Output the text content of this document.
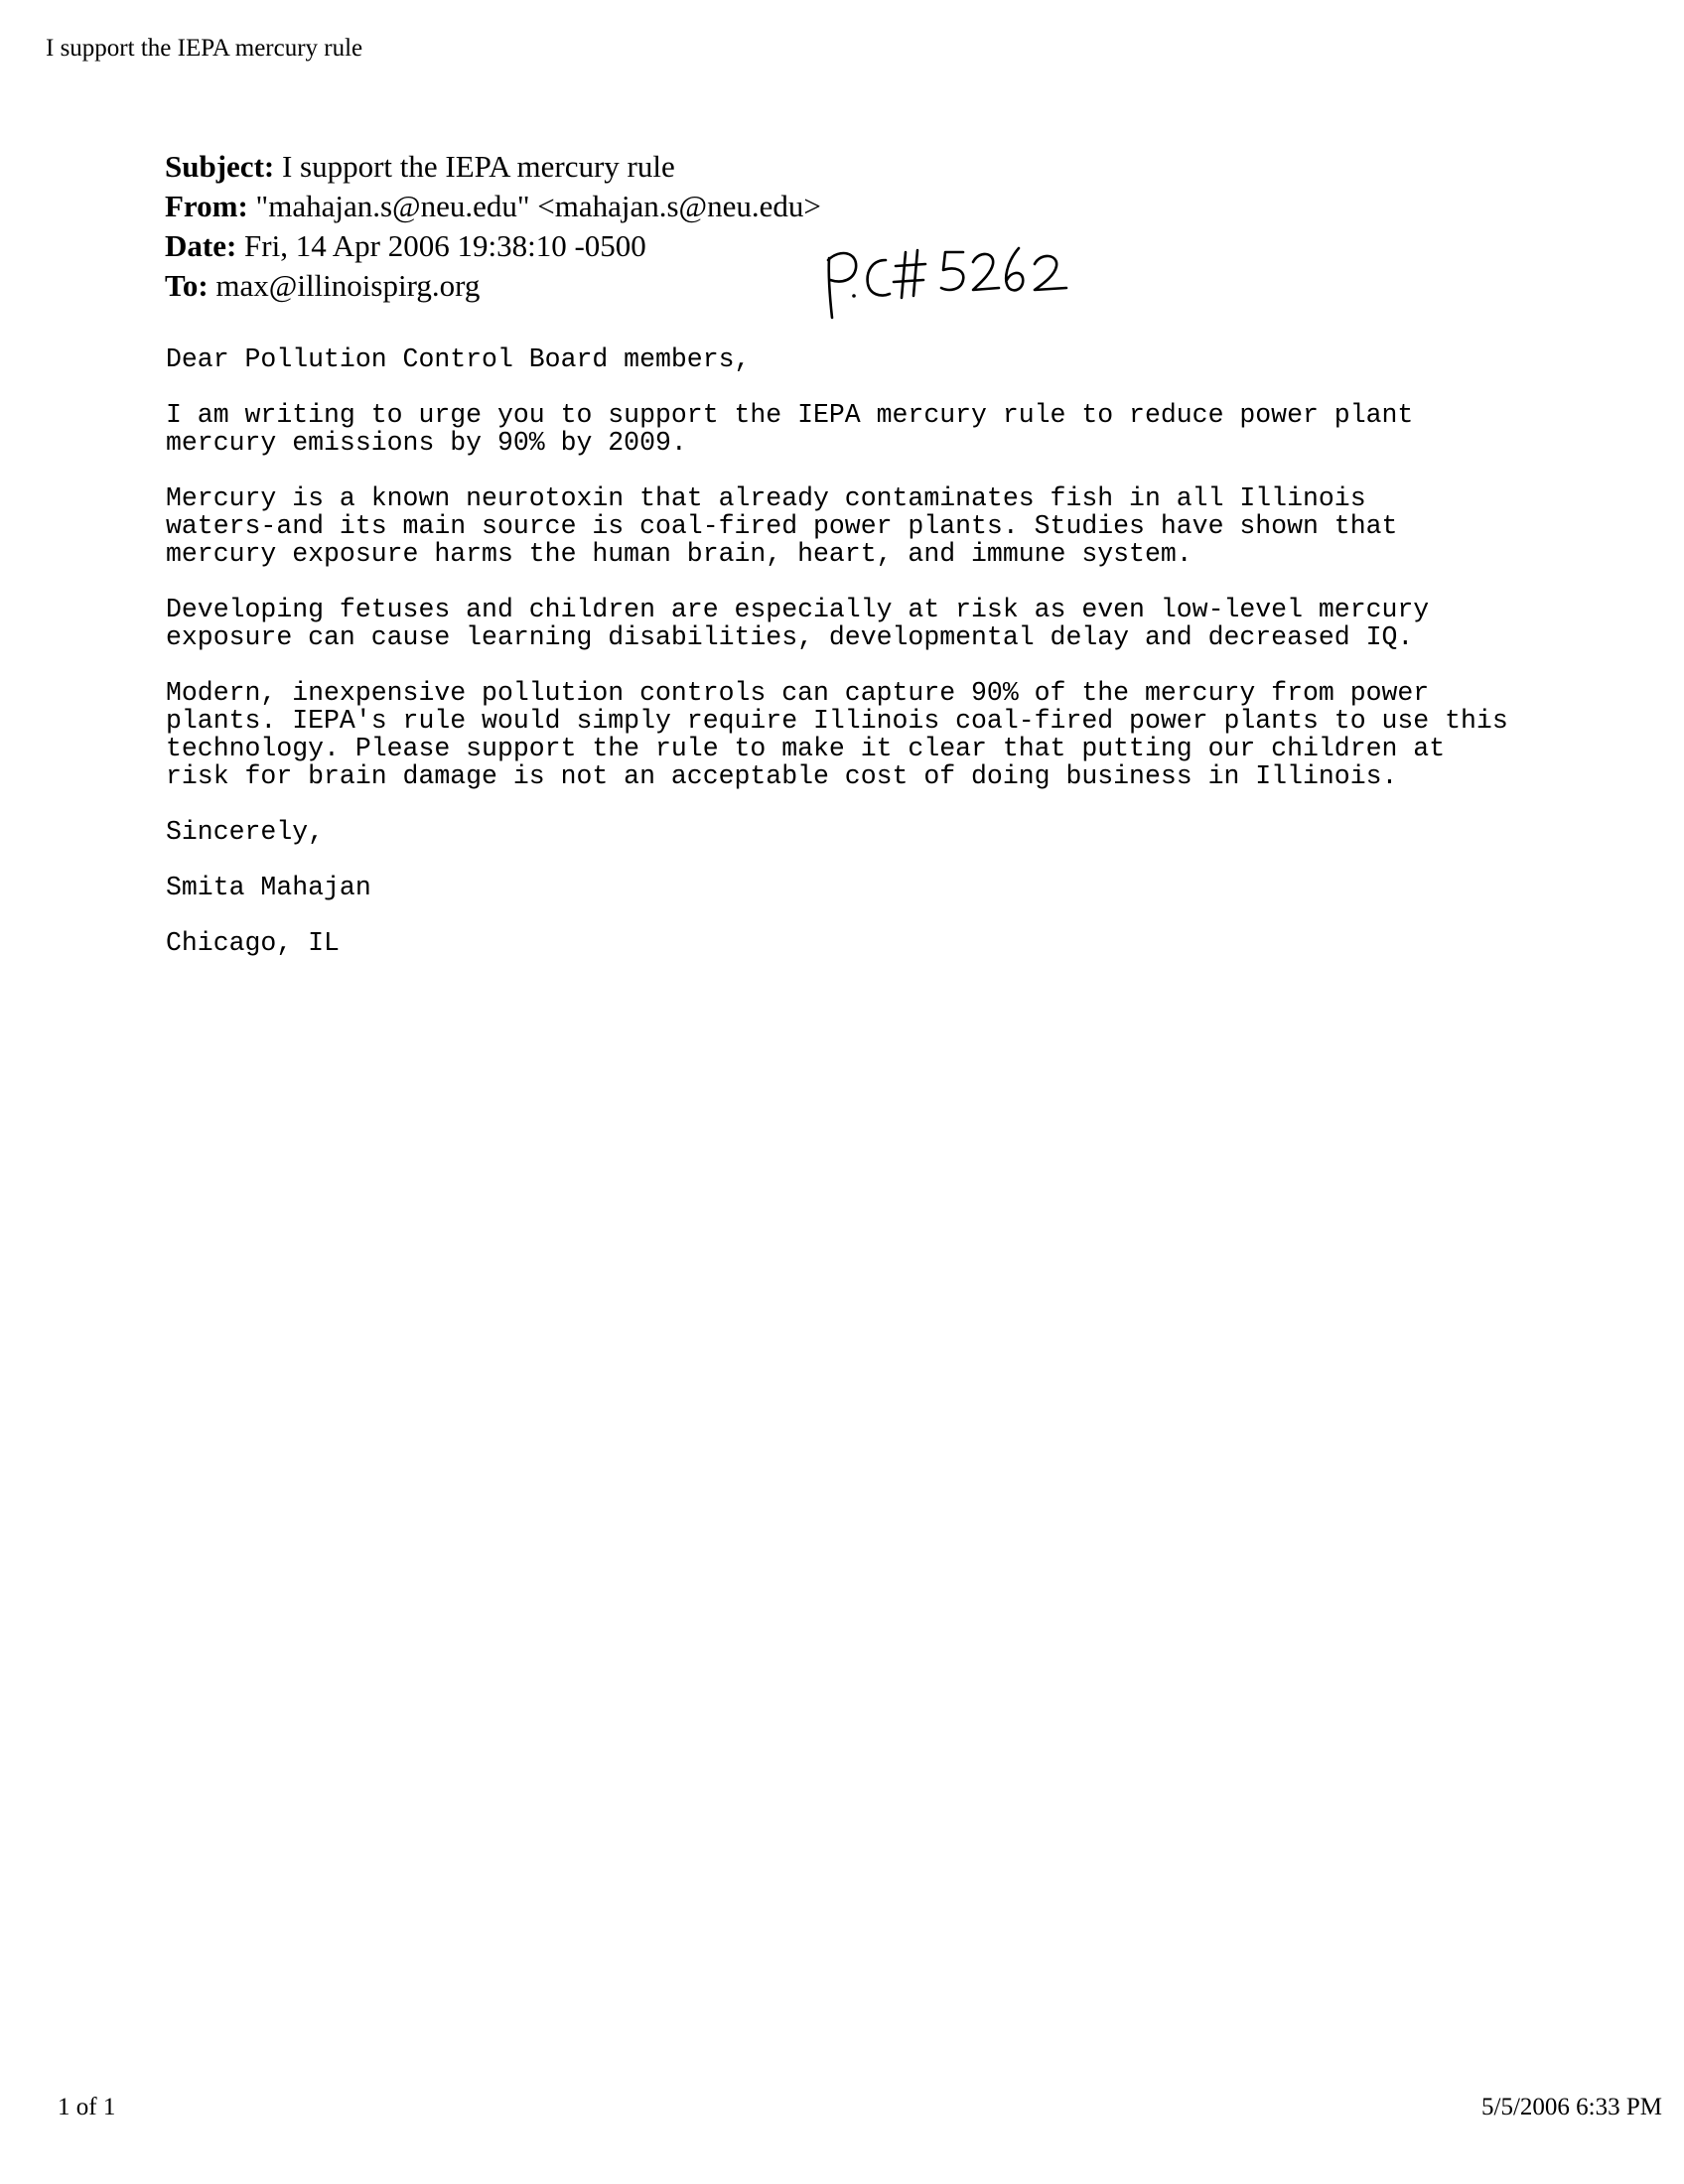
I support the IEPA mercury rule
Subject: I support the IEPA mercury rule
From: "mahajan.s@neu.edu" <mahajan.s@neu.edu>
Date: Fri, 14 Apr 2006 19:38:10 -0500
To: max@illinoispirg.org

Dear Pollution Control Board members,

I am writing to urge you to support the IEPA mercury rule to reduce power plant
mercury emissions by 90% by 2009.

Mercury is a known neurotoxin that already contaminates fish in all Illinois
waters-and its main source is coal-fired power plants. Studies have shown that
mercury exposure harms the human brain, heart, and immune system.

Developing fetuses and children are especially at risk as even low-level mercury
exposure can cause learning disabilities, developmental delay and decreased IQ.

Modern, inexpensive pollution controls can capture 90% of the mercury from power
plants. IEPA's rule would simply require Illinois coal-fired power plants to use this
technology. Please support the rule to make it clear that putting our children at
risk for brain damage is not an acceptable cost of doing business in Illinois.

Sincerely,

Smita Mahajan

Chicago, IL

1 of 1	5/5/2006 6:33 PM
